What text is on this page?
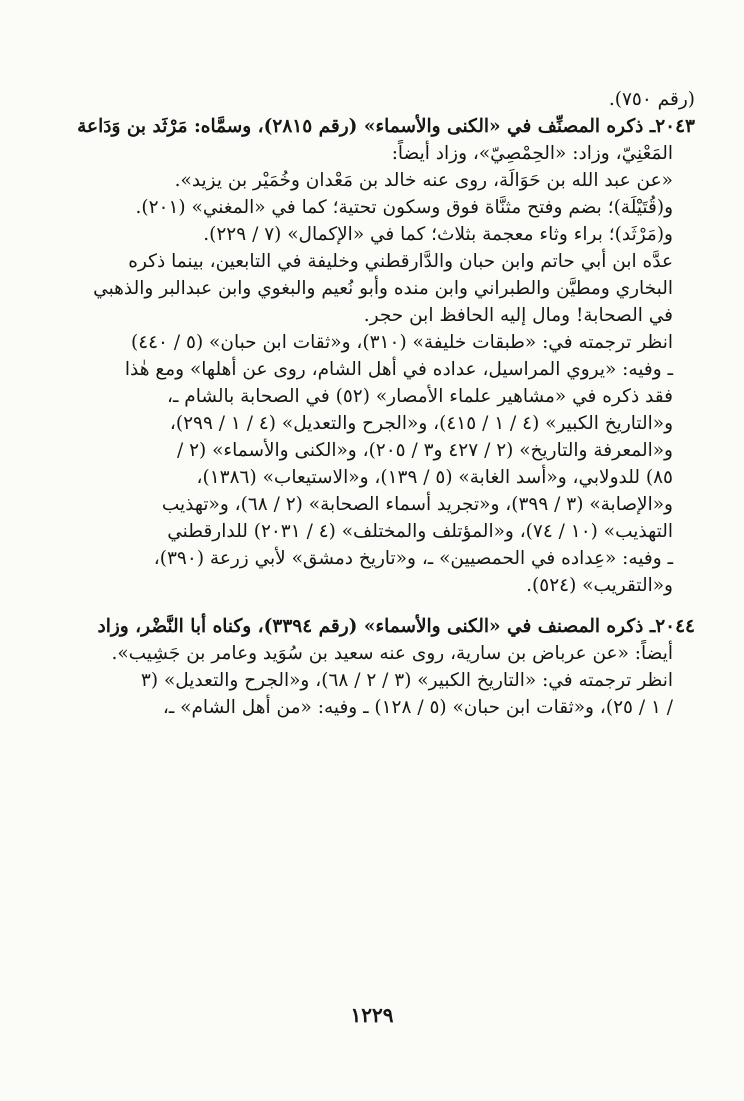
(رقم ٧٥٠).
٢٠٤٣ـ ذكره المصنِّف في «الكنى والأسماء» (رقم ٢٨١٥)، وسمَّاه: مَرْثَد بن وَدَاعة
المَعْنِيّ، وزاد: «الحِمْصِيّ»، وزاد أيضاً:
«عن عبد الله بن حَوَالَة، روى عنه خالد بن مَعْدان وخُمَيْر بن يزيد».
و(قُتَيْلَة)؛ بضم وفتح مثنَّاة فوق وسكون تحتية؛ كما في «المغني» (٢٠١).
و(مَرْثَد)؛ براء وثاء معجمة بثلاث؛ كما في «الإكمال» (٧ / ٢٢٩).
عدَّه ابن أبي حاتم وابن حبان والدَّارقطني وخليفة في التابعين، بينما ذكره
البخاري ومطيَّن والطبراني وابن منده وأبو نُعيم والبغوي وابن عبدالبر والذهبي
في الصحابة! ومال إليه الحافظ ابن حجر.
انظر ترجمته في: «طبقات خليفة» (٣١٠)، و«ثقات ابن حبان» (٥ / ٤٤٠)
ـ وفيه: «يروي المراسيل، عداده في أهل الشام، روى عن أهلها» ومع هٰذا
فقد ذكره في «مشاهير علماء الأمصار» (٥٢) في الصحابة بالشام ـ،
و«التاريخ الكبير» (٤ / ١ / ٤١٥)، و«الجرح والتعديل» (٤ / ١ / ٢٩٩)،
و«المعرفة والتاريخ» (٢ / ٤٢٧ و٣ / ٢٠٥)، و«الكنى والأسماء» (٢ /
٨٥) للدولابي، و«أسد الغابة» (٥ / ١٣٩)، و«الاستيعاب» (١٣٨٦)،
و«الإصابة» (٣ / ٣٩٩)، و«تجريد أسماء الصحابة» (٢ / ٦٨)، و«تهذيب
التهذيب» (١٠ / ٧٤)، و«المؤتلف والمختلف» (٤ / ٢٠٣١) للدارقطني
ـ وفيه: «عِداده في الحمصيين» ـ، و«تاريخ دمشق» لأبي زرعة (٣٩٠)،
و«التقريب» (٥٢٤).
٢٠٤٤ـ ذكره المصنف في «الكنى والأسماء» (رقم ٣٣٩٤)، وكناه أبا النَّضْر، وزاد
أيضاً: «عن عرباض بن سارية، روى عنه سعيد بن سُوَيد وعامر بن جَشِيب».
انظر ترجمته في: «التاريخ الكبير» (٣ / ٢ / ٦٨)، و«الجرح والتعديل» (٣
/ ١ / ٢٥)، و«ثقات ابن حبان» (٥ / ١٢٨) ـ وفيه: «من أهل الشام» ـ،
١٢٢٩
